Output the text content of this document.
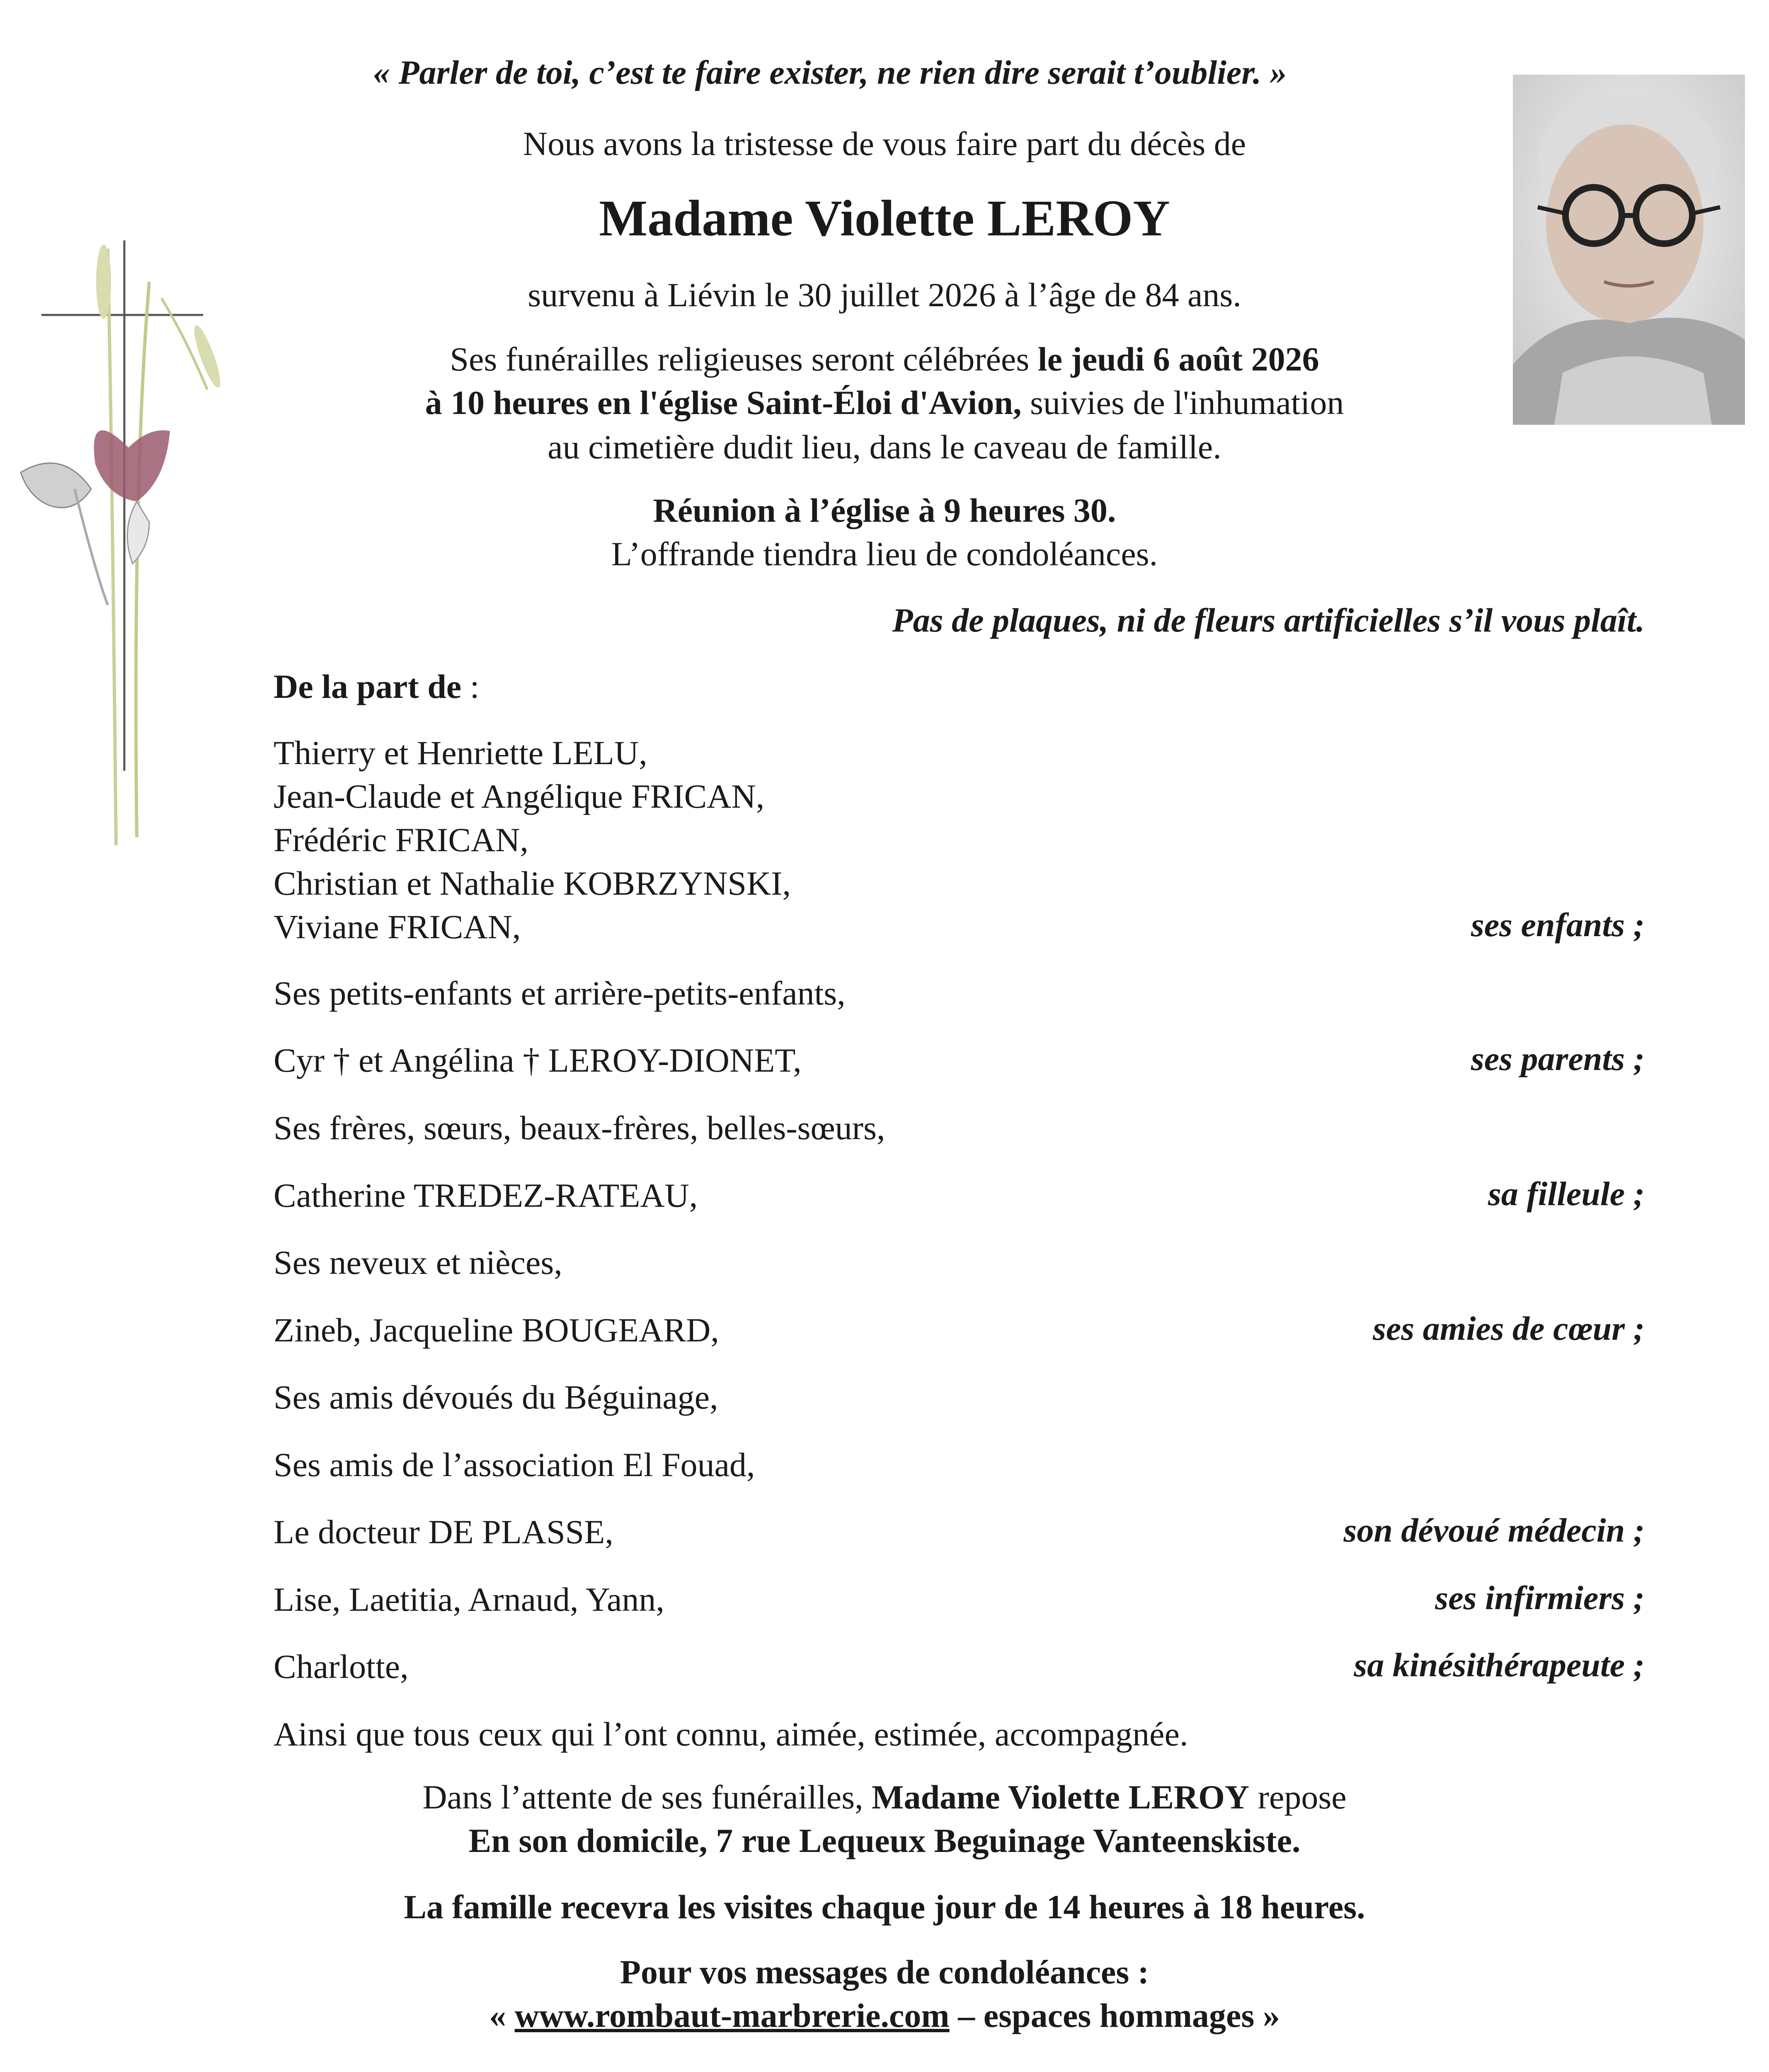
« Parler de toi, c’est te faire exister, ne rien dire serait t’oublier. »
Nous avons la tristesse de vous faire part du décès de
Madame Violette LEROY
survenu à Liévin le 30 juillet 2026 à l’âge de 84 ans.
Ses funérailles religieuses seront célébrées le jeudi 6 août 2026
à 10 heures en l'église Saint-Éloi d'Avion, suivies de l'inhumation
au cimetière dudit lieu, dans le caveau de famille.
Réunion à l’église à 9 heures 30.
L’offrande tiendra lieu de condoléances.
Pas de plaques, ni de fleurs artificielles s’il vous plaît.
De la part de :
Thierry et Henriette LELU,
Jean-Claude et Angélique FRICAN,
Frédéric FRICAN,
Christian et Nathalie KOBRZYNSKI,
Viviane FRICAN,	ses enfants ;
Ses petits-enfants et arrière-petits-enfants,
Cyr † et Angélina † LEROY-DIONET,	ses parents ;
Ses frères, sœurs, beaux-frères, belles-sœurs,
Catherine TREDEZ-RATEAU,	sa filleule ;
Ses neveux et nièces,
Zineb, Jacqueline BOUGEARD,	ses amies de cœur ;
Ses amis dévoués du Béguinage,
Ses amis de l’association El Fouad,
Le docteur DE PLASSE,	son dévoué médecin ;
Lise, Laetitia, Arnaud, Yann,	ses infirmiers ;
Charlotte,	sa kinésithérapeute ;
Ainsi que tous ceux qui l’ont connu, aimée, estimée, accompagnée.
Dans l’attente de ses funérailles, Madame Violette LEROY repose
En son domicile, 7 rue Lequeux Beguinage Vanteenskiste.
La famille recevra les visites chaque jour de 14 heures à 18 heures.
Pour vos messages de condoléances :
« www.rombaut-marbrerie.com – espaces hommages »
